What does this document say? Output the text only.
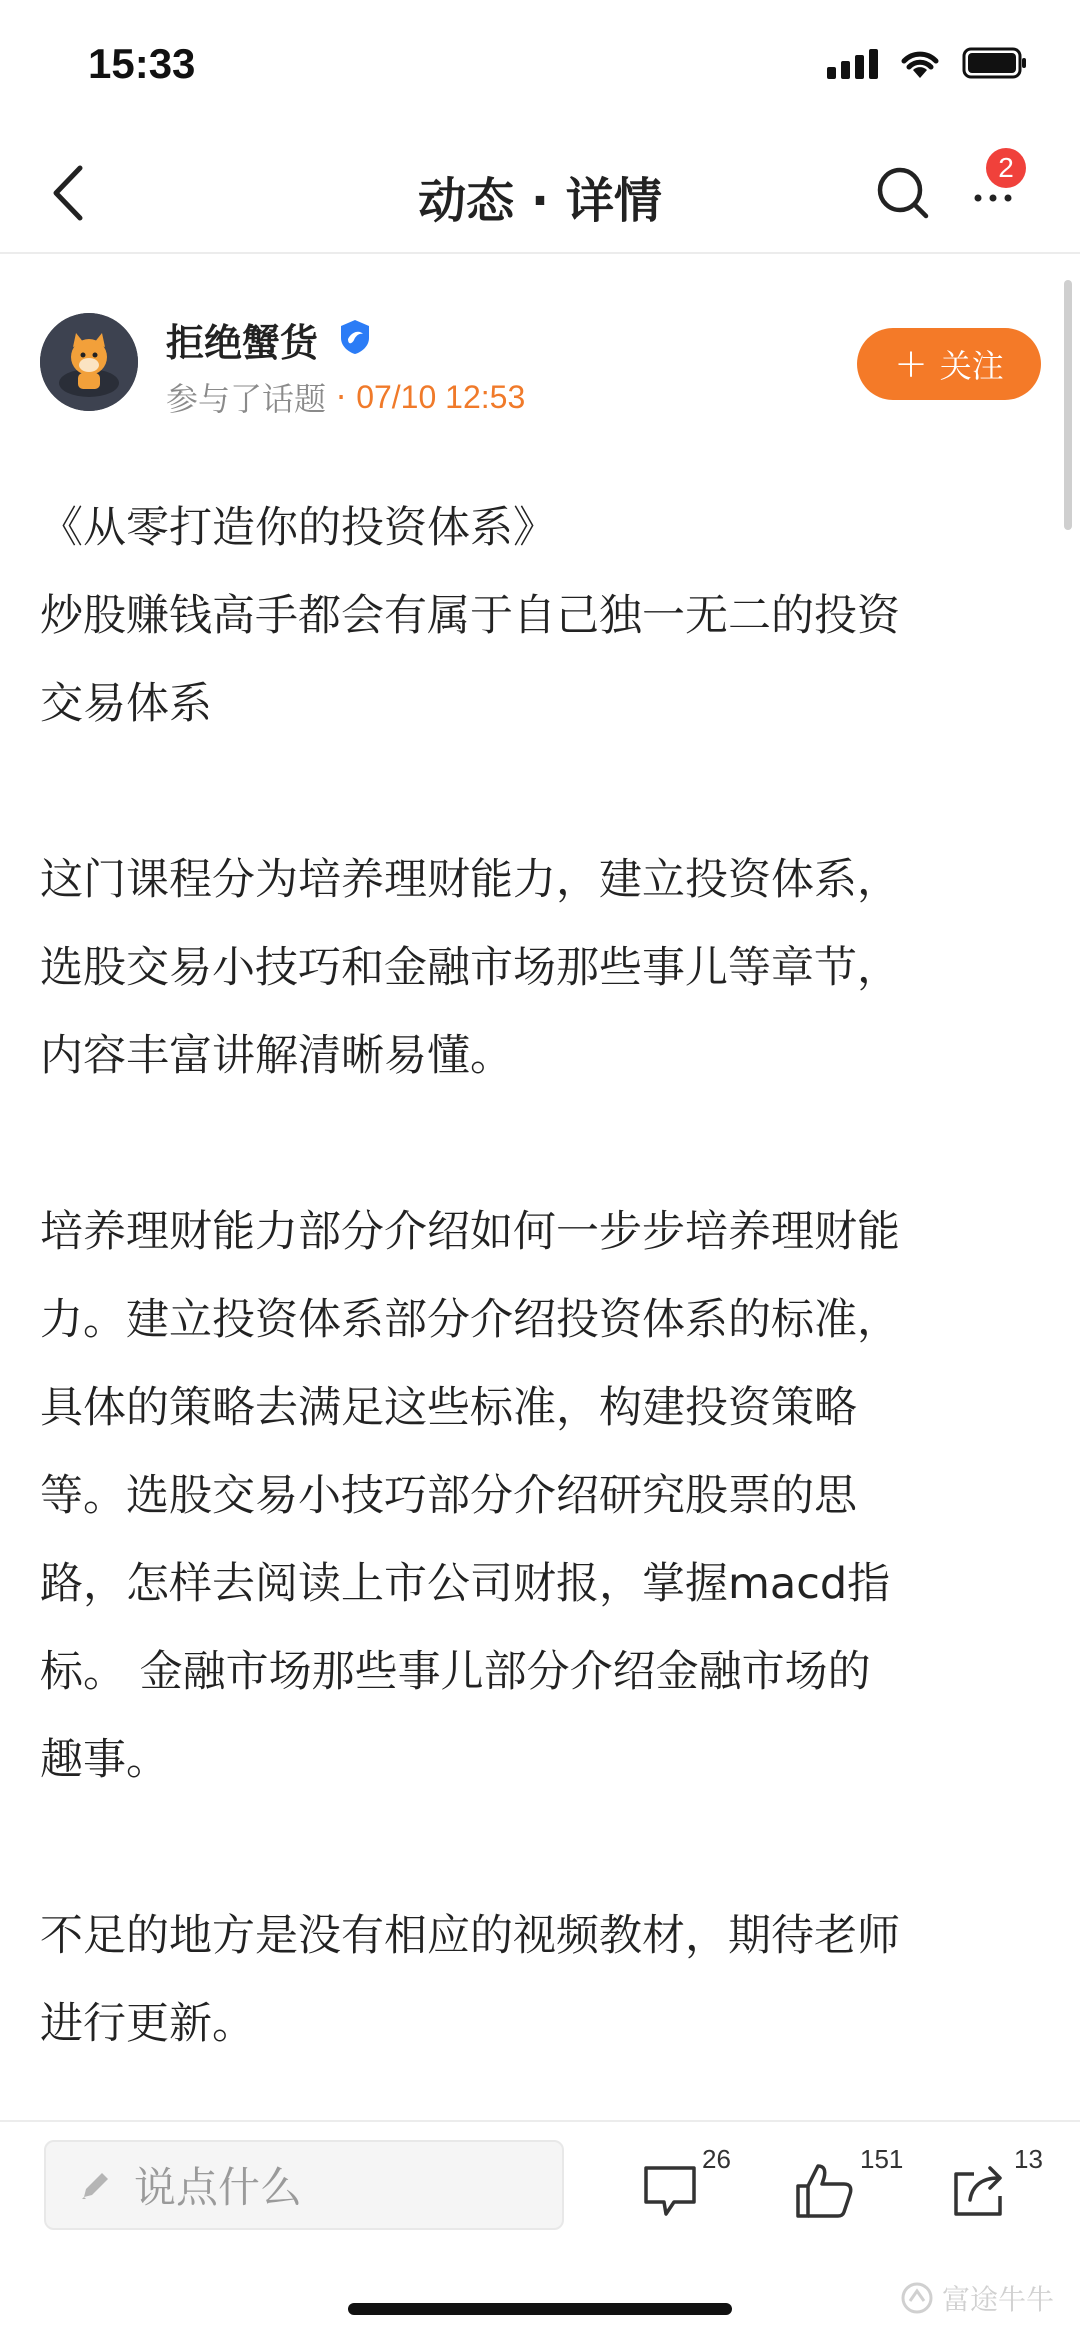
15:33
动态 · 详情
2
拒绝蟹货
参与了话题 · 07/10 12:53
+ 关注

《从零打造你的投资体系》

炒股赚钱高手都会有属于自己独一无二的投资

交易体系

这门课程分为培养理财能力，建立投资体系，

选股交易小技巧和金融市场那些事儿等章节，

内容丰富讲解清晰易懂。

培养理财能力部分介绍如何一步步培养理财能

力。建立投资体系部分介绍投资体系的标准，

具体的策略去满足这些标准，构建投资策略

等。选股交易小技巧部分介绍研究股票的思

路，怎样去阅读上市公司财报，掌握macd指

标。 金融市场那些事儿部分介绍金融市场的

趣事。

不足的地方是没有相应的视频教材，期待老师

进行更新。

说点什么
26	151	13
富途牛牛
